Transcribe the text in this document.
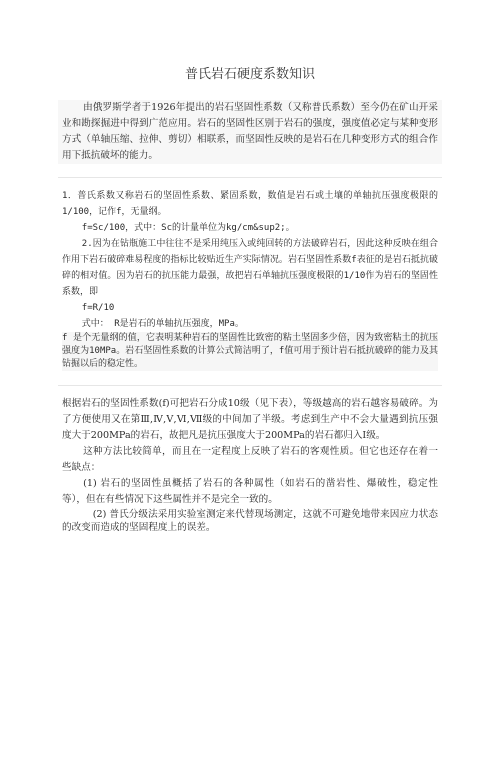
普氏岩石硬度系数知识

由俄罗斯学者于1926年提出的岩石坚固性系数（又称普氏系数）至今仍在矿山开采业和勘探掘进中得到广范应用。岩石的坚固性区别于岩石的强度，强度值必定与某种变形方式（单轴压缩、拉伸、剪切）相联系，而坚固性反映的是岩石在几种变形方式的组合作用下抵抗破坏的能力。

1．普氏系数又称岩石的坚固性系数、紧固系数，数值是岩石或土壤的单轴抗压强度极限的1/100，记作f，无量纲。

f=Sc/100，式中：Sc的计量单位为kg/cm&sup2;。

2.因为在钻瓶施工中往往不是采用纯压入或纯回转的方法破碎岩石，因此这种反映在组合作用下岩石破碎难易程度的指标比较贴近生产实际情况。岩石坚固性系数f表征的是岩石抵抗破碎的相对值。因为岩石的抗压能力最强，故把岩石单轴抗压强度极限的1/10作为岩石的坚固性系数，即

f=R/10

式中： R是岩石的单轴抗压强度，MPa。

f 是个无量纲的值，它表明某种岩石的坚固性比致密的粘土坚固多少倍，因为致密粘土的抗压强度为10MPa。岩石坚固性系数的计算公式简洁明了，f值可用于预计岩石抵抗破碎的能力及其钻掘以后的稳定性。

根据岩石的坚固性系数(f)可把岩石分成10级（见下表），等级越高的岩石越容易破碎。为了方便使用又在第Ⅲ,Ⅳ,Ⅴ,Ⅵ,Ⅶ级的中间加了半级。考虑到生产中不会大量遇到抗压强度大于200MPa的岩石，故把凡是抗压强度大于200MPa的岩石都归入Ⅰ级。

这种方法比较简单，而且在一定程度上反映了岩石的客观性质。但它也还存在着一些缺点：

(1) 岩石的坚固性虽概括了岩石的各种属性（如岩石的凿岩性、爆破性，稳定性等），但在有些情况下这些属性并不是完全一致的。

(2) 普氏分级法采用实验室测定来代替现场测定，这就不可避免地带来因应力状态的改变而造成的坚固程度上的误差。
